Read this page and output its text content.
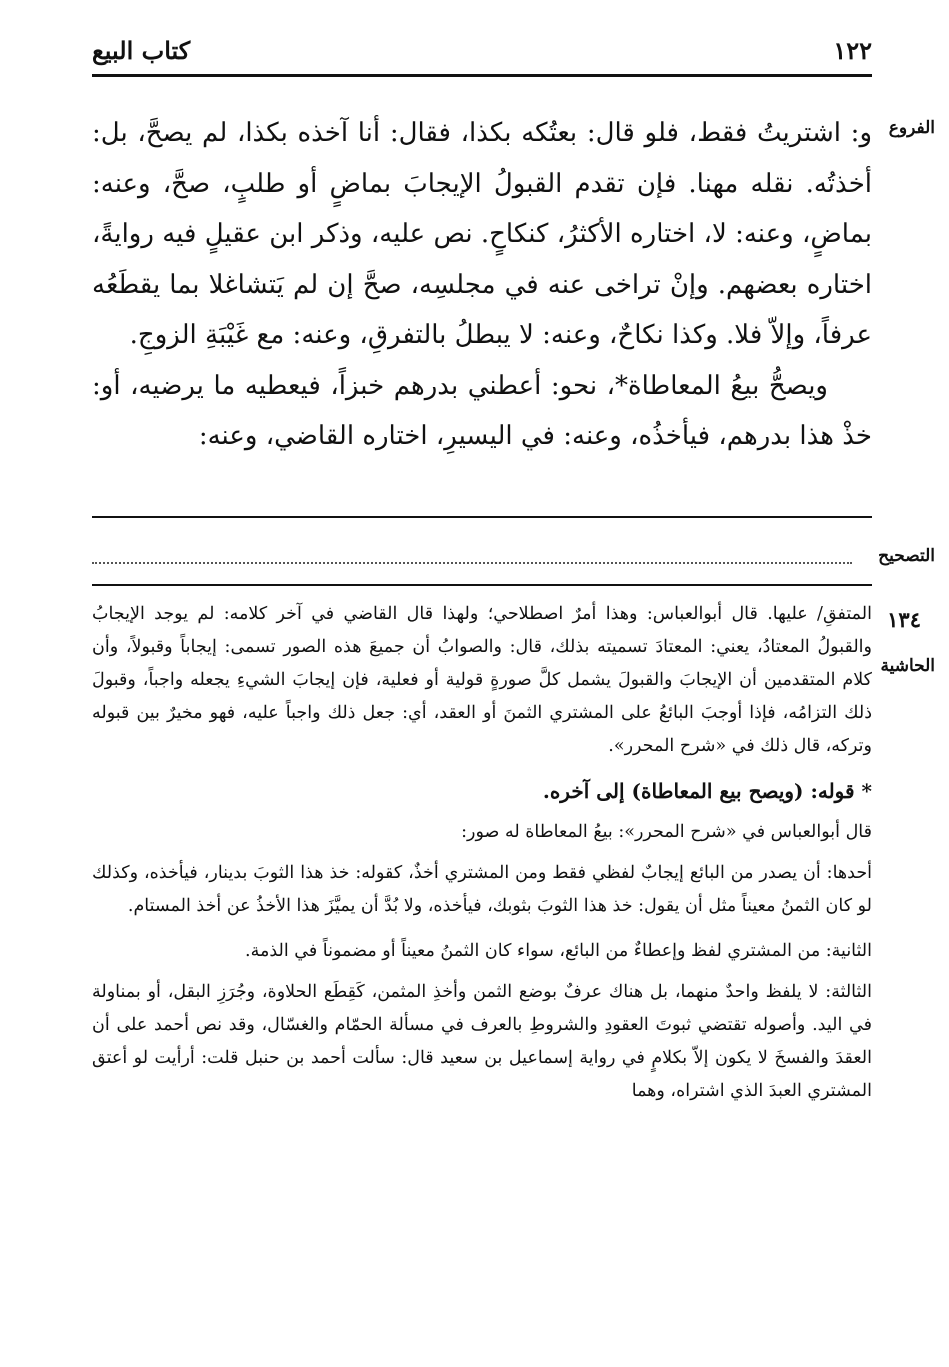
١٢٢
كتاب البيع
الفروع

و: اشتريتُ فقط، فلو قال: بعتُكه بكذا، فقال: أنا آخذه بكذا، لم يصحَّ، بل: أخذتُه. نقله مهنا. فإن تقدم القبولُ الإيجابَ بماضٍ أو طلبٍ، صحَّ، وعنه: بماضٍ، وعنه: لا، اختاره الأكثرُ، كنكاحٍ. نص عليه، وذكر ابن عقيلٍ فيه روايةً، اختاره بعضهم. وإنْ تراخى عنه في مجلسِه، صحَّ إن لم يَتشاغلا بما يقطَعُه عرفاً، وإلاّ فلا. وكذا نكاحٌ، وعنه: لا يبطلُ بالتفرقِ، وعنه: مع غَيْبَةِ الزوجِ.

ويصحُّ بيعُ المعاطاة*، نحو: أعطني بدرهم خبزاً، فيعطيه ما يرضيه، أو: خذْ هذا بدرهم، فيأخذُه، وعنه: في اليسيرِ، اختاره القاضي، وعنه:

التصحيح
١٣٤
الحاشية

المتفقِ/ عليها. قال أبوالعباس: وهذا أمرٌ اصطلاحي؛ ولهذا قال القاضي في آخر كلامه: لم يوجد الإيجابُ والقبولُ المعتادُ، يعني: المعتادَ تسميته بذلك، قال: والصوابُ أن جميعَ هذه الصور تسمى: إيجاباً وقبولاً، وأن كلام المتقدمين أن الإيجابَ والقبولَ يشمل كلَّ صورةٍ قولية أو فعلية، فإن إيجابَ الشيءِ يجعله واجباً، وقبولَ ذلك التزامُه، فإذا أوجبَ البائعُ على المشتري الثمنَ أو العقد، أي: جعل ذلك واجباً عليه، فهو مخيرٌ بين قبوله وتركه، قال ذلك في «شرح المحرر».

* قوله: (ويصح بيع المعاطاة) إلى آخره.

قال أبوالعباس في «شرح المحرر»: بيعُ المعاطاة له صور:

أحدها: أن يصدر من البائع إيجابٌ لفظي فقط ومن المشتري أخذٌ، كقوله: خذ هذا الثوبَ بدينار، فيأخذه، وكذلك لو كان الثمنُ معيناً مثل أن يقول: خذ هذا الثوبَ بثوبك، فيأخذه، ولا بُدَّ أن يميَّزَ هذا الأخذُ عن أخذ المستام.

الثانية: من المشتري لفظ وإعطاءٌ من البائع، سواء كان الثمنُ معيناً أو مضموناً في الذمة.

الثالثة: لا يلفظ واحدٌ منهما، بل هناك عرفٌ بوضع الثمن وأخذِ المثمن، كَقِطَع الحلاوة، وجُرَزِ البقل، أو بمناولة في اليد. وأصوله تقتضي ثبوتَ العقودِ والشروطِ بالعرف في مسألة الحمّام والغسّال، وقد نص أحمد على أن العقدَ والفسخَ لا يكون إلاّ بكلامٍ في رواية إسماعيل بن سعيد قال: سألت أحمد بن حنبل قلت: أرأيت لو أعتق المشتري العبدَ الذي اشتراه، وهما
